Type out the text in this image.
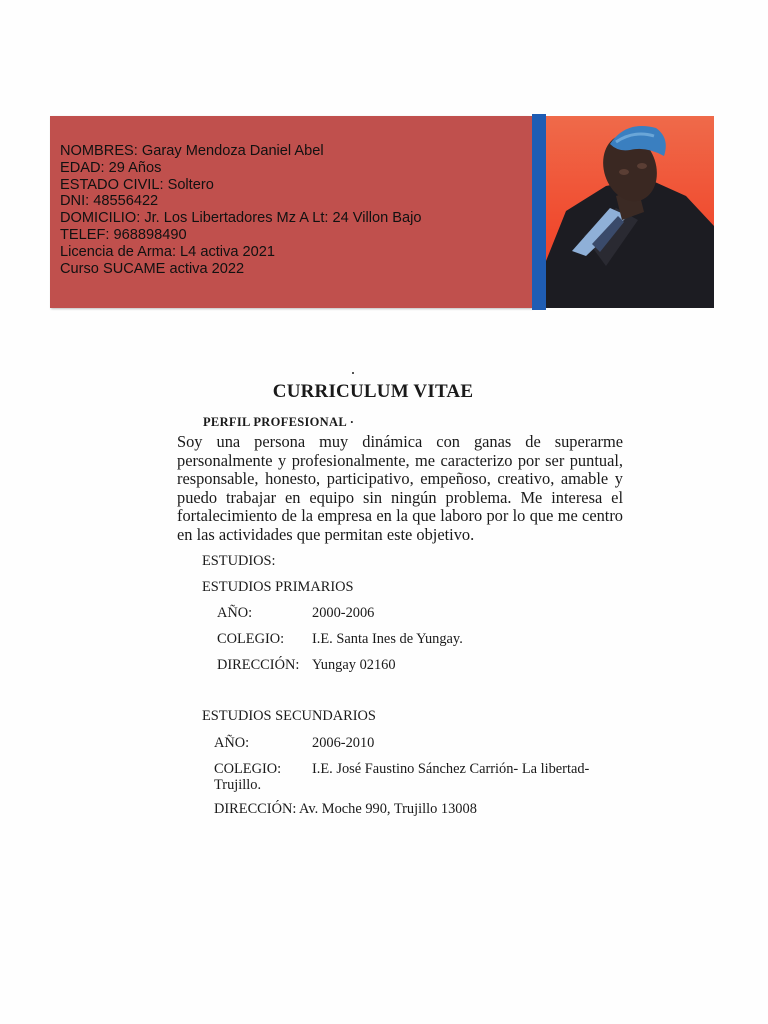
NOMBRES: Garay Mendoza Daniel Abel
EDAD: 29 Años
ESTADO CIVIL: Soltero
DNI: 48556422
DOMICILIO: Jr. Los Libertadores Mz A Lt: 24 Villon Bajo
TELEF: 968898490
Licencia de Arma: L4 activa 2021
Curso SUCAME activa 2022
CURRICULUM VITAE
PERFIL PROFESIONAL ·
Soy una persona muy dinámica con ganas de superarme personalmente y profesionalmente, me caracterizo por ser puntual, responsable, honesto, participativo, empeñoso, creativo, amable y puedo trabajar en equipo sin ningún problema. Me interesa el fortalecimiento de la empresa en la que laboro por lo que me centro en las actividades que permitan este objetivo.
ESTUDIOS:
ESTUDIOS PRIMARIOS
AÑO:	2000-2006
COLEGIO: I.E. Santa Ines de Yungay.
DIRECCIÓN: Yungay 02160
ESTUDIOS SECUNDARIOS
AÑO:	2006-2010
COLEGIO: I.E. José Faustino Sánchez Carrión- La libertad-
Trujillo.
DIRECCIÓN: Av. Moche 990, Trujillo 13008
